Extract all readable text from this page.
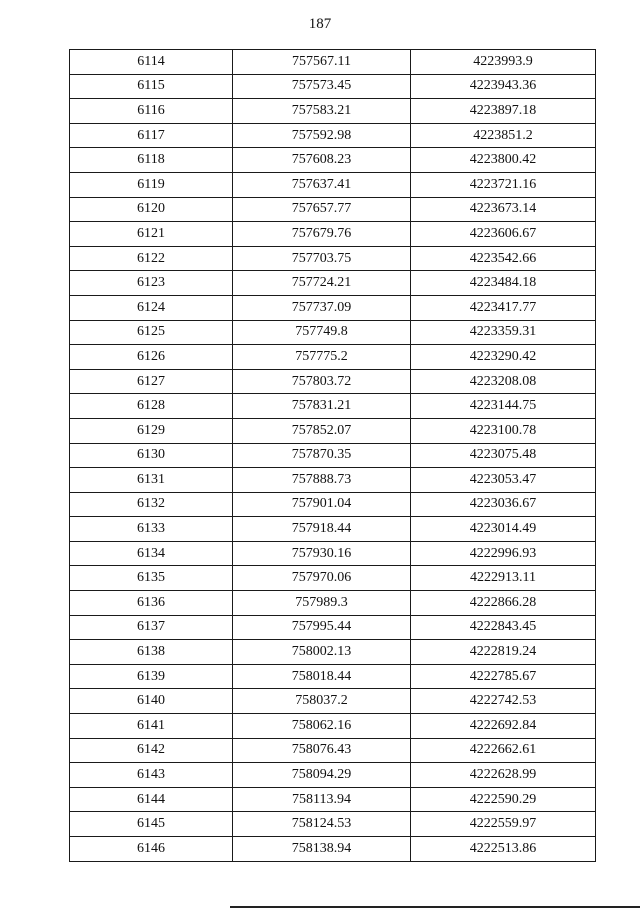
187
6114	757567.11	4223993.9
6115	757573.45	4223943.36
6116	757583.21	4223897.18
6117	757592.98	4223851.2
6118	757608.23	4223800.42
6119	757637.41	4223721.16
6120	757657.77	4223673.14
6121	757679.76	4223606.67
6122	757703.75	4223542.66
6123	757724.21	4223484.18
6124	757737.09	4223417.77
6125	757749.8	4223359.31
6126	757775.2	4223290.42
6127	757803.72	4223208.08
6128	757831.21	4223144.75
6129	757852.07	4223100.78
6130	757870.35	4223075.48
6131	757888.73	4223053.47
6132	757901.04	4223036.67
6133	757918.44	4223014.49
6134	757930.16	4222996.93
6135	757970.06	4222913.11
6136	757989.3	4222866.28
6137	757995.44	4222843.45
6138	758002.13	4222819.24
6139	758018.44	4222785.67
6140	758037.2	4222742.53
6141	758062.16	4222692.84
6142	758076.43	4222662.61
6143	758094.29	4222628.99
6144	758113.94	4222590.29
6145	758124.53	4222559.97
6146	758138.94	4222513.86
